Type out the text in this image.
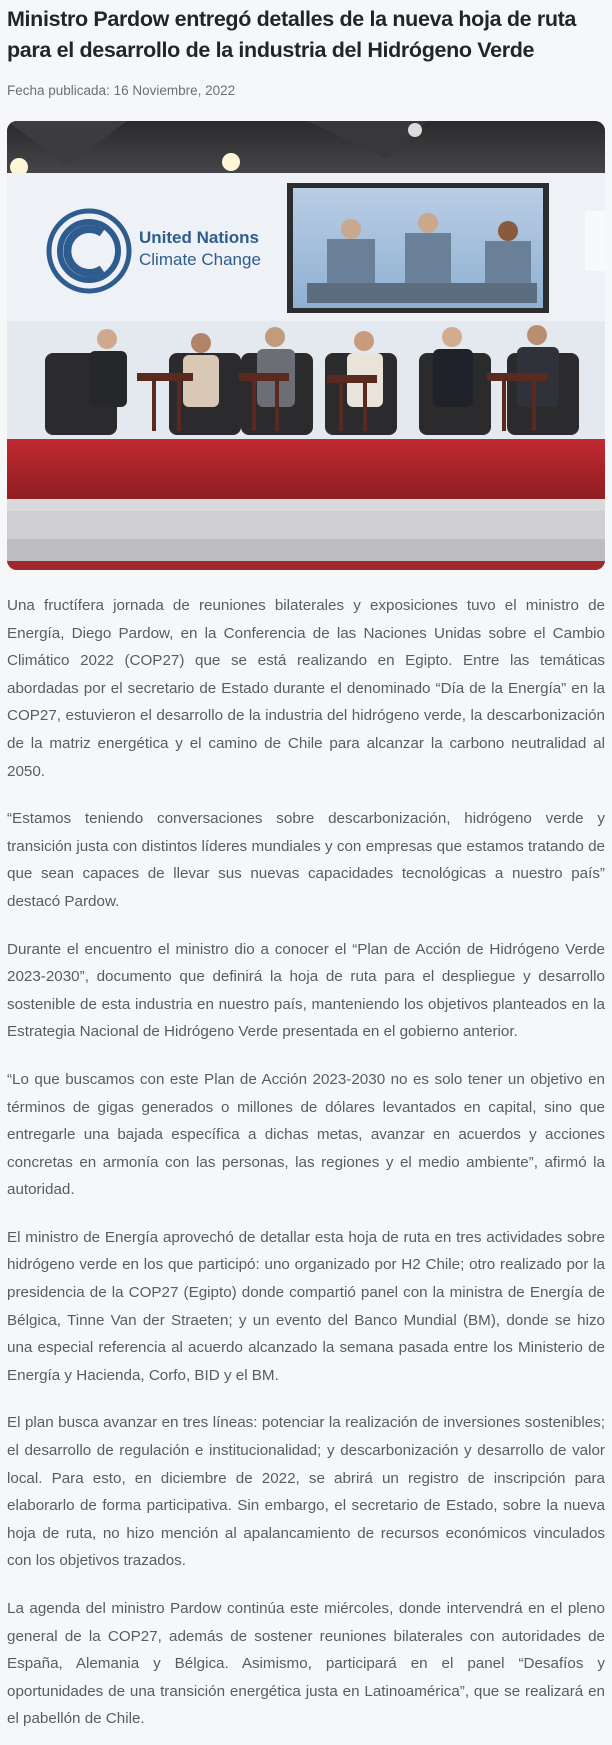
Ministro Pardow entregó detalles de la nueva hoja de ruta para el desarrollo de la industria del Hidrógeno Verde
Fecha publicada: 16 Noviembre, 2022
United Nations
Climate Change

Una fructífera jornada de reuniones bilaterales y exposiciones tuvo el ministro de Energía, Diego Pardow, en la Conferencia de las Naciones Unidas sobre el Cambio Climático 2022 (COP27) que se está realizando en Egipto. Entre las temáticas abordadas por el secretario de Estado durante el denominado “Día de la Energía” en la COP27, estuvieron el desarrollo de la industria del hidrógeno verde, la descarbonización de la matriz energética y el camino de Chile para alcanzar la carbono neutralidad al 2050.

“Estamos teniendo conversaciones sobre descarbonización, hidrógeno verde y transición justa con distintos líderes mundiales y con empresas que estamos tratando de que sean capaces de llevar sus nuevas capacidades tecnológicas a nuestro país” destacó Pardow.

Durante el encuentro el ministro dio a conocer el “Plan de Acción de Hidrógeno Verde 2023-2030”, documento que definirá la hoja de ruta para el despliegue y desarrollo sostenible de esta industria en nuestro país, manteniendo los objetivos planteados en la Estrategia Nacional de Hidrógeno Verde presentada en el gobierno anterior.

“Lo que buscamos con este Plan de Acción 2023-2030 no es solo tener un objetivo en términos de gigas generados o millones de dólares levantados en capital, sino que entregarle una bajada específica a dichas metas, avanzar en acuerdos y acciones concretas en armonía con las personas, las regiones y el medio ambiente”, afirmó la autoridad.

El ministro de Energía aprovechó de detallar esta hoja de ruta en tres actividades sobre hidrógeno verde en los que participó: uno organizado por H2 Chile; otro realizado por la presidencia de la COP27 (Egipto) donde compartió panel con la ministra de Energía de Bélgica, Tinne Van der Straeten; y un evento del Banco Mundial (BM), donde se hizo una especial referencia al acuerdo alcanzado la semana pasada entre los Ministerio de Energía y Hacienda, Corfo, BID y el BM.

El plan busca avanzar en tres líneas: potenciar la realización de inversiones sostenibles; el desarrollo de regulación e institucionalidad; y descarbonización y desarrollo de valor local. Para esto, en diciembre de 2022, se abrirá un registro de inscripción para elaborarlo de forma participativa. Sin embargo, el secretario de Estado, sobre la nueva hoja de ruta, no hizo mención al apalancamiento de recursos económicos vinculados con los objetivos trazados.

La agenda del ministro Pardow continúa este miércoles, donde intervendrá en el pleno general de la COP27, además de sostener reuniones bilaterales con autoridades de España, Alemania y Bélgica. Asimismo, participará en el panel “Desafíos y oportunidades de una transición energética justa en Latinoamérica”, que se realizará en el pabellón de Chile.
